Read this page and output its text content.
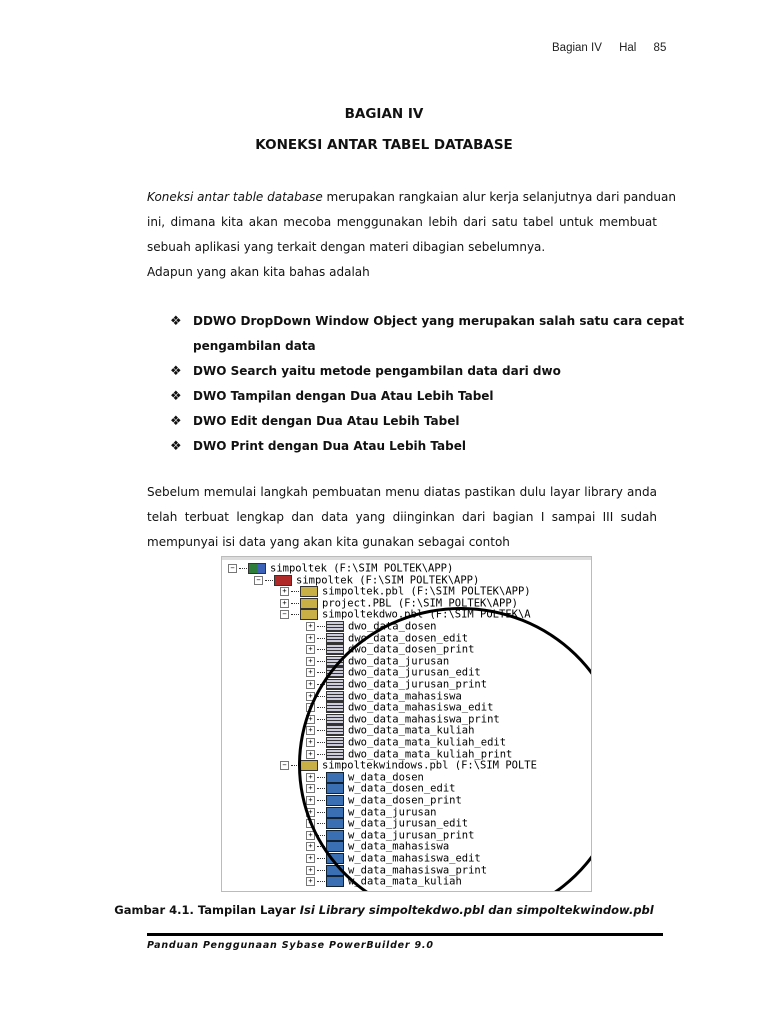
Bagian IV Hal 85
BAGIAN IV
KONEKSI ANTAR TABEL DATABASE
Koneksi antar table database merupakan rangkaian alur kerja selanjutnya dari panduan
ini, dimana kita akan mecoba menggunakan lebih dari satu tabel untuk membuat
sebuah aplikasi yang terkait dengan materi dibagian sebelumnya.
Adapun yang akan kita bahas adalah
❖ DDWO DropDown Window Object yang merupakan salah satu cara cepat
pengambilan data
❖ DWO Search yaitu metode pengambilan data dari dwo
❖ DWO Tampilan dengan Dua Atau Lebih Tabel
❖ DWO Edit dengan Dua Atau Lebih Tabel
❖ DWO Print dengan Dua Atau Lebih Tabel
Sebelum memulai langkah pembuatan menu diatas pastikan dulu layar library anda
telah terbuat lengkap dan data yang diinginkan dari bagian I sampai III sudah
mempunyai isi data yang akan kita gunakan sebagai contoh
−	simpoltek (F:\SIM POLTEK\APP)
−	simpoltek (F:\SIM POLTEK\APP)
+	simpoltek.pbl (F:\SIM POLTEK\APP)
+	project.PBL (F:\SIM POLTEK\APP)
−	simpoltekdwo.pbl (F:\SIM POLTEK\A
+	dwo_data_dosen
+	dwo_data_dosen_edit
+	dwo_data_dosen_print
+	dwo_data_jurusan
+	dwo_data_jurusan_edit
+	dwo_data_jurusan_print
+	dwo_data_mahasiswa
+	dwo_data_mahasiswa_edit
+	dwo_data_mahasiswa_print
+	dwo_data_mata_kuliah
+	dwo_data_mata_kuliah_edit
+	dwo_data_mata_kuliah_print
−	simpoltekwindows.pbl (F:\SIM POLTE
+	w_data_dosen
+	w_data_dosen_edit
+	w_data_dosen_print
+	w_data_jurusan
+	w_data_jurusan_edit
+	w_data_jurusan_print
+	w_data_mahasiswa
+	w_data_mahasiswa_edit
+	w_data_mahasiswa_print
+	w_data_mata_kuliah
Gambar 4.1. Tampilan Layar Isi Library simpoltekdwo.pbl dan simpoltekwindow.pbl
Panduan Penggunaan Sybase PowerBuilder 9.0
